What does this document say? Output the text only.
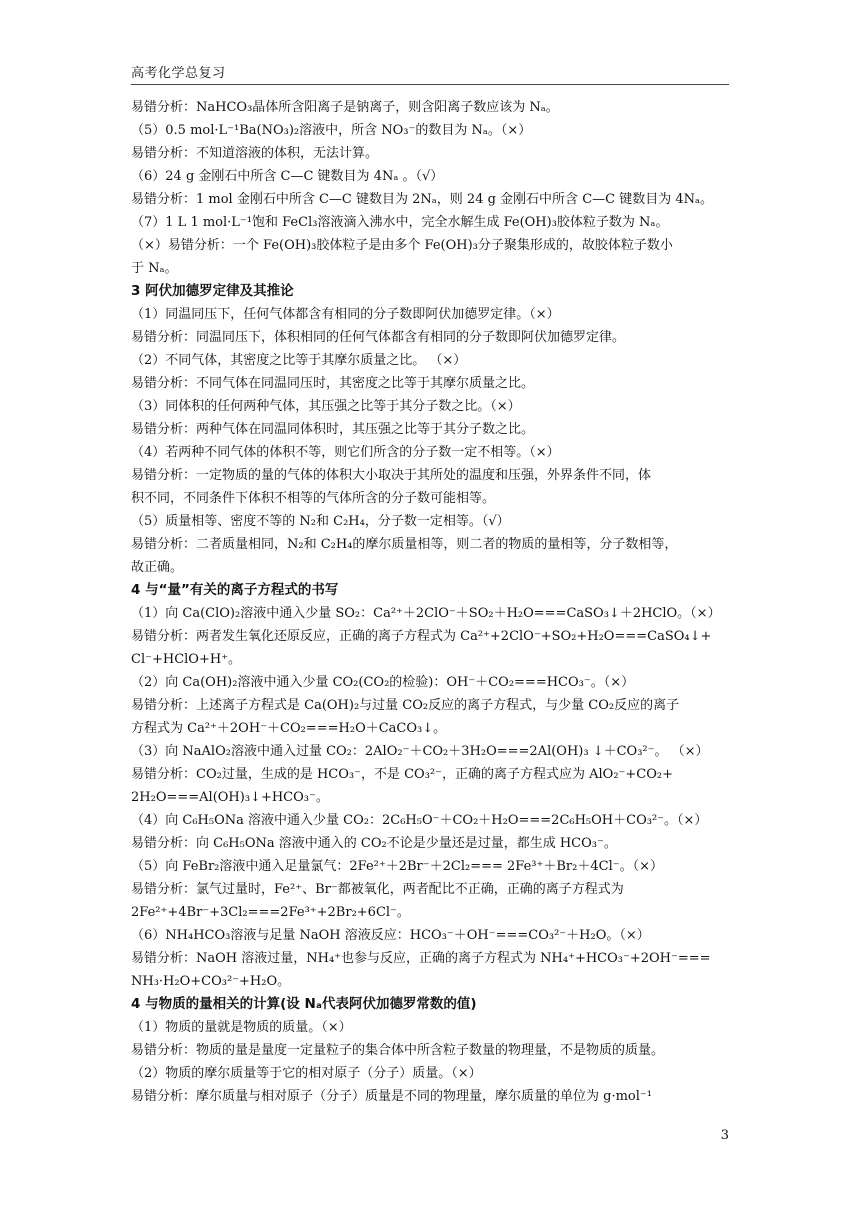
高考化学总复习
易错分析：NaHCO₃晶体所含阳离子是钠离子，则含阳离子数应该为 Nₐ。
（5）0.5 mol·L⁻¹Ba(NO₃)₂溶液中，所含 NO₃⁻的数目为 Nₐ。（×）
易错分析：不知道溶液的体积，无法计算。
（6）24 g 金刚石中所含 C—C 键数目为 4Nₐ 。（√）
易错分析：1 mol 金刚石中所含 C—C 键数目为 2Nₐ，则 24 g 金刚石中所含 C—C 键数目为 4Nₐ。
（7）1 L 1 mol·L⁻¹饱和 FeCl₃溶液滴入沸水中，完全水解生成 Fe(OH)₃胶体粒子数为 Nₐ。
（×）易错分析：一个 Fe(OH)₃胶体粒子是由多个 Fe(OH)₃分子聚集形成的，故胶体粒子数小
于 Nₐ。
3 阿伏加德罗定律及其推论
（1）同温同压下，任何气体都含有相同的分子数即阿伏加德罗定律。（×）
易错分析：同温同压下，体积相同的任何气体都含有相同的分子数即阿伏加德罗定律。
（2）不同气体，其密度之比等于其摩尔质量之比。 （×）
易错分析：不同气体在同温同压时，其密度之比等于其摩尔质量之比。
（3）同体积的任何两种气体，其压强之比等于其分子数之比。（×）
易错分析：两种气体在同温同体积时，其压强之比等于其分子数之比。
（4）若两种不同气体的体积不等，则它们所含的分子数一定不相等。（×）
易错分析：一定物质的量的气体的体积大小取决于其所处的温度和压强，外界条件不同，体
积不同，不同条件下体积不相等的气体所含的分子数可能相等。
（5）质量相等、密度不等的 N₂和 C₂H₄，分子数一定相等。（√）
易错分析：二者质量相同，N₂和 C₂H₄的摩尔质量相等，则二者的物质的量相等，分子数相等，
故正确。
4 与“量”有关的离子方程式的书写
（1）向 Ca(ClO)₂溶液中通入少量 SO₂：Ca²⁺＋2ClO⁻＋SO₂＋H₂O===CaSO₃↓＋2HClO。（×）
易错分析：两者发生氧化还原反应，正确的离子方程式为 Ca²⁺+2ClO⁻+SO₂+H₂O===CaSO₄↓+
Cl⁻+HClO+H⁺。
（2）向 Ca(OH)₂溶液中通入少量 CO₂(CO₂的检验)：OH⁻＋CO₂===HCO₃⁻。（×）
易错分析：上述离子方程式是 Ca(OH)₂与过量 CO₂反应的离子方程式，与少量 CO₂反应的离子
方程式为 Ca²⁺＋2OH⁻＋CO₂===H₂O＋CaCO₃↓。
（3）向 NaAlO₂溶液中通入过量 CO₂：2AlO₂⁻＋CO₂＋3H₂O===2Al(OH)₃ ↓＋CO₃²⁻。 （×）
易错分析：CO₂过量，生成的是 HCO₃⁻，不是 CO₃²⁻，正确的离子方程式应为 AlO₂⁻+CO₂+
2H₂O===Al(OH)₃↓+HCO₃⁻。
（4）向 C₆H₅ONa 溶液中通入少量 CO₂：2C₆H₅O⁻＋CO₂＋H₂O===2C₆H₅OH＋CO₃²⁻。（×）
易错分析：向 C₆H₅ONa 溶液中通入的 CO₂不论是少量还是过量，都生成 HCO₃⁻。
（5）向 FeBr₂溶液中通入足量氯气：2Fe²⁺＋2Br⁻＋2Cl₂=== 2Fe³⁺＋Br₂＋4Cl⁻。（×）
易错分析：氯气过量时，Fe²⁺、Br⁻都被氧化，两者配比不正确，正确的离子方程式为
2Fe²⁺+4Br⁻+3Cl₂===2Fe³⁺+2Br₂+6Cl⁻。
（6）NH₄HCO₃溶液与足量 NaOH 溶液反应：HCO₃⁻＋OH⁻===CO₃²⁻＋H₂O。（×）
易错分析：NaOH 溶液过量，NH₄⁺也参与反应，正确的离子方程式为 NH₄⁺+HCO₃⁻+2OH⁻===
NH₃·H₂O+CO₃²⁻+H₂O。
4 与物质的量相关的计算(设 Nₐ代表阿伏加德罗常数的值)
（1）物质的量就是物质的质量。（×）
易错分析：物质的量是量度一定量粒子的集合体中所含粒子数量的物理量，不是物质的质量。
（2）物质的摩尔质量等于它的相对原子（分子）质量。（×）
易错分析：摩尔质量与相对原子（分子）质量是不同的物理量，摩尔质量的单位为 g·mol⁻¹
3
